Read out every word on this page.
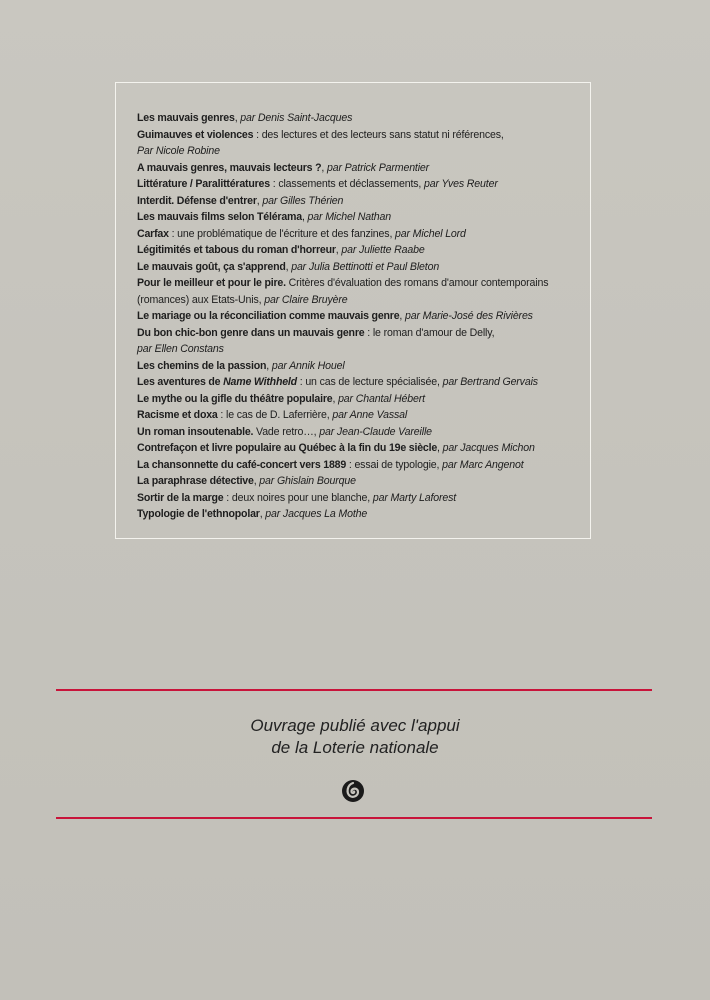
Les mauvais genres, par Denis Saint-Jacques
Guimauves et violences : des lectures et des lecteurs sans statut ni références,
Par Nicole Robine
A mauvais genres, mauvais lecteurs ?, par Patrick Parmentier
Littérature / Paralittératures : classements et déclassements, par Yves Reuter
Interdit. Défense d'entrer, par Gilles Thérien
Les mauvais films selon Télérama, par Michel Nathan
Carfax : une problématique de l'écriture et des fanzines, par Michel Lord
Légitimités et tabous du roman d'horreur, par Juliette Raabe
Le mauvais goût, ça s'apprend, par Julia Bettinotti et Paul Bleton
Pour le meilleur et pour le pire. Critères d'évaluation des romans d'amour contemporains
(romances) aux Etats-Unis, par Claire Bruyère
Le mariage ou la réconciliation comme mauvais genre, par Marie-José des Rivières
Du bon chic-bon genre dans un mauvais genre : le roman d'amour de Delly,
par Ellen Constans
Les chemins de la passion, par Annik Houel
Les aventures de Name Withheld : un cas de lecture spécialisée, par Bertrand Gervais
Le mythe ou la gifle du théâtre populaire, par Chantal Hébert
Racisme et doxa : le cas de D. Laferrière, par Anne Vassal
Un roman insoutenable. Vade retro…, par Jean-Claude Vareille
Contrefaçon et livre populaire au Québec à la fin du 19e siècle, par Jacques Michon
La chansonnette du café-concert vers 1889 : essai de typologie, par Marc Angenot
La paraphrase détective, par Ghislain Bourque
Sortir de la marge : deux noires pour une blanche, par Marty Laforest
Typologie de l'ethnopolar, par Jacques La Mothe
Ouvrage publié avec l'appui
de la Loterie nationale
